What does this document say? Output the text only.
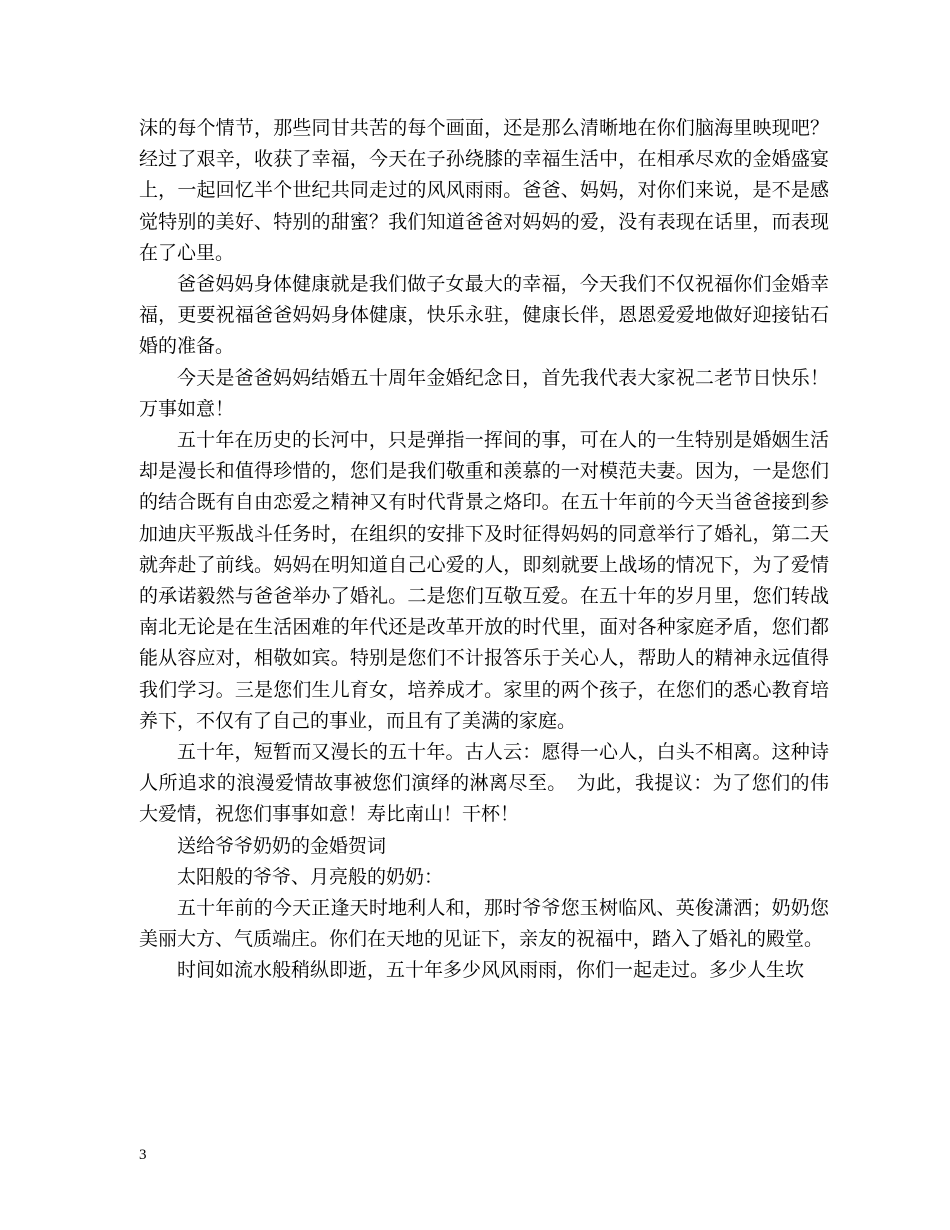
沫的每个情节，那些同甘共苦的每个画面，还是那么清晰地在你们脑海里映现吧？经过了艰辛，收获了幸福，今天在子孙绕膝的幸福生活中，在相承尽欢的金婚盛宴上，一起回忆半个世纪共同走过的风风雨雨。爸爸、妈妈，对你们来说，是不是感觉特别的美好、特别的甜蜜？我们知道爸爸对妈妈的爱，没有表现在话里，而表现在了心里。

爸爸妈妈身体健康就是我们做子女最大的幸福，今天我们不仅祝福你们金婚幸福，更要祝福爸爸妈妈身体健康，快乐永驻，健康长伴，恩恩爱爱地做好迎接钻石婚的准备。

今天是爸爸妈妈结婚五十周年金婚纪念日，首先我代表大家祝二老节日快乐！万事如意！

五十年在历史的长河中，只是弹指一挥间的事，可在人的一生特别是婚姻生活却是漫长和值得珍惜的，您们是我们敬重和羡慕的一对模范夫妻。因为，一是您们的结合既有自由恋爱之精神又有时代背景之烙印。在五十年前的今天当爸爸接到参加迪庆平叛战斗任务时，在组织的安排下及时征得妈妈的同意举行了婚礼，第二天就奔赴了前线。妈妈在明知道自己心爱的人，即刻就要上战场的情况下，为了爱情的承诺毅然与爸爸举办了婚礼。二是您们互敬互爱。在五十年的岁月里，您们转战南北无论是在生活困难的年代还是改革开放的时代里，面对各种家庭矛盾，您们都能从容应对，相敬如宾。特别是您们不计报答乐于关心人，帮助人的精神永远值得我们学习。三是您们生儿育女，培养成才。家里的两个孩子，在您们的悉心教育培养下，不仅有了自己的事业，而且有了美满的家庭。

五十年，短暂而又漫长的五十年。古人云：愿得一心人，白头不相离。这种诗人所追求的浪漫爱情故事被您们演绎的淋离尽至。　为此，我提议：为了您们的伟大爱情，祝您们事事如意！寿比南山！干杯！

送给爷爷奶奶的金婚贺词

太阳般的爷爷、月亮般的奶奶：

五十年前的今天正逢天时地利人和，那时爷爷您玉树临风、英俊潇洒；奶奶您美丽大方、气质端庄。你们在天地的见证下，亲友的祝福中，踏入了婚礼的殿堂。

时间如流水般稍纵即逝，五十年多少风风雨雨，你们一起走过。多少人生坎

3
